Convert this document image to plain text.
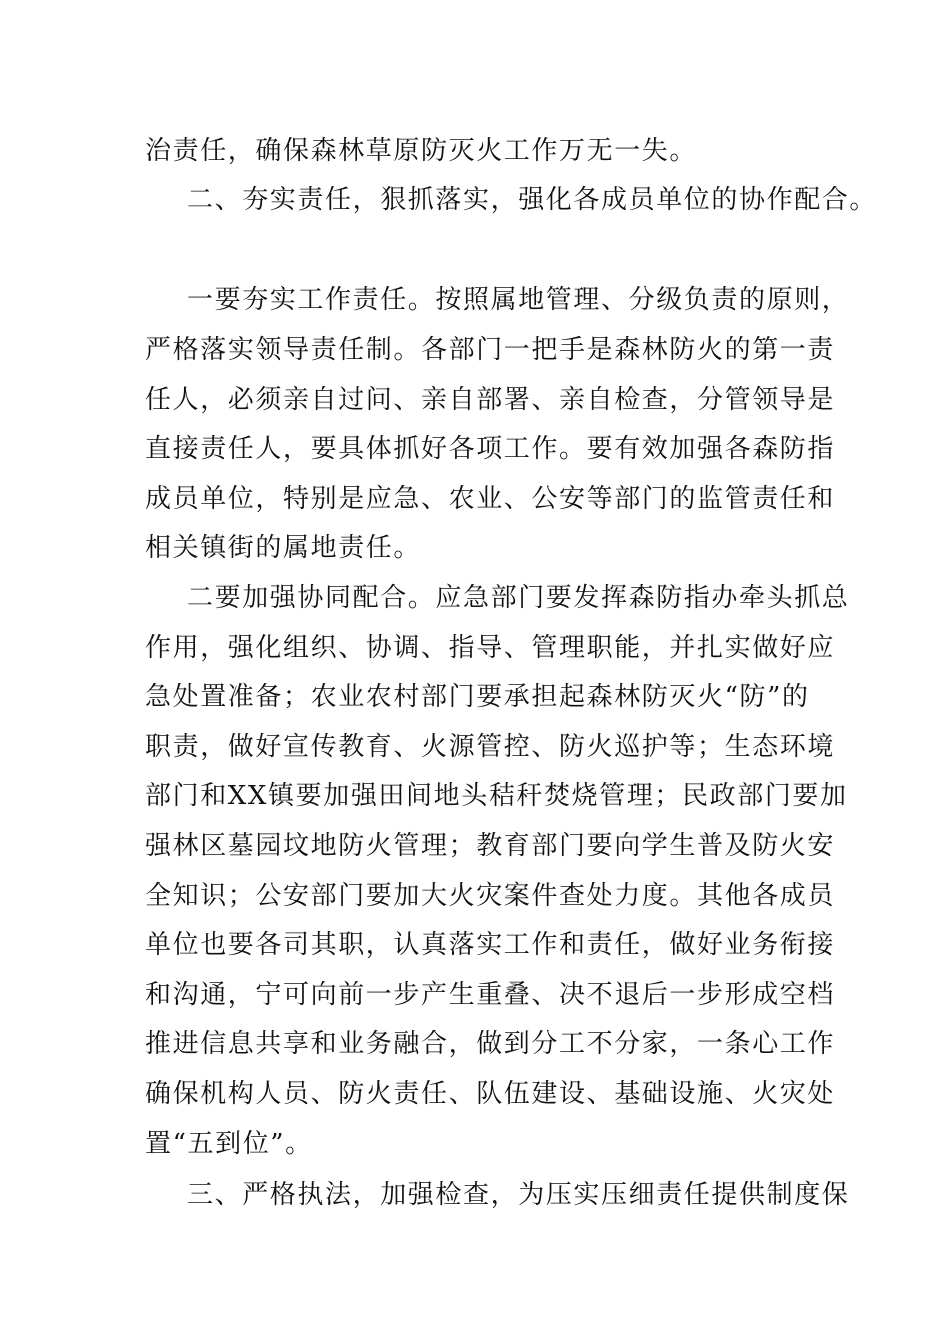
治责任，确保森林草原防灭火工作万无一失。
二、夯实责任，狠抓落实，强化各成员单位的协作配合。
一要夯实工作责任。按照属地管理、分级负责的原则，
严格落实领导责任制。各部门一把手是森林防火的第一责
任人，必须亲自过问、亲自部署、亲自检查，分管领导是
直接责任人，要具体抓好各项工作。要有效加强各森防指
成员单位，特别是应急、农业、公安等部门的监管责任和
相关镇街的属地责任。
二要加强协同配合。应急部门要发挥森防指办牵头抓总
作用，强化组织、协调、指导、管理职能，并扎实做好应
急处置准备；农业农村部门要承担起森林防灭火“防”的
职责，做好宣传教育、火源管控、防火巡护等；生态环境
部门和XX镇要加强田间地头秸秆焚烧管理；民政部门要加
强林区墓园坟地防火管理；教育部门要向学生普及防火安
全知识；公安部门要加大火灾案件查处力度。其他各成员
单位也要各司其职，认真落实工作和责任，做好业务衔接
和沟通，宁可向前一步产生重叠、决不退后一步形成空档
推进信息共享和业务融合，做到分工不分家，一条心工作
确保机构人员、防火责任、队伍建设、基础设施、火灾处
置“五到位”。
三、严格执法，加强检查，为压实压细责任提供制度保
